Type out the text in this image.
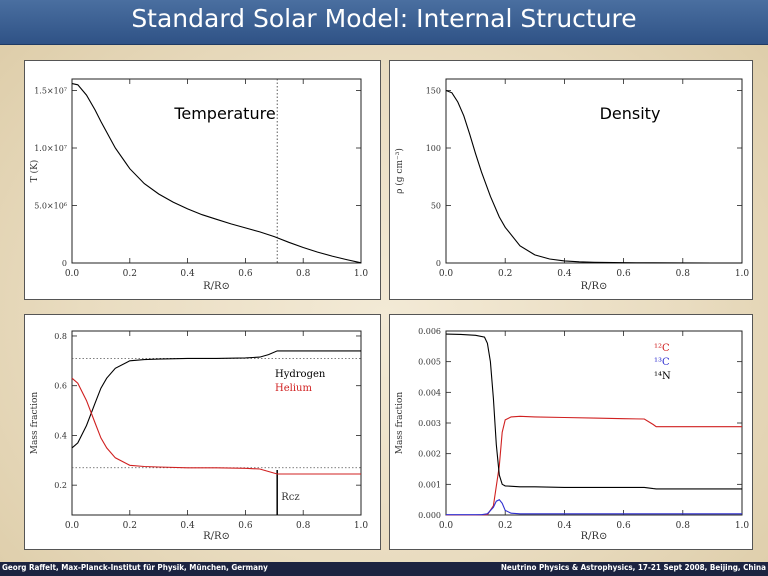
Standard Solar Model: Internal Structure
0.0	0.2	0.4	0.6	0.8	1.0
0
5.0×10⁶
1.0×10⁷
1.5×10⁷
R/R⊙
T (K)
Temperature
0.0	0.2	0.4	0.6	0.8	1.0
0
50
100
150
R/R⊙
ρ (g cm⁻³)
Density
0.0	0.2	0.4	0.6	0.8	1.0
0.2
0.4
0.6
0.8
R/R⊙
Mass fraction
Rcz
Hydrogen
Helium
0.0	0.2	0.4	0.6	0.8	1.0
0.000
0.001
0.002
0.003
0.004
0.005
0.006
R/R⊙
Mass fraction
¹²C
¹³C
¹⁴N
Georg Raffelt, Max-Planck-Institut für Physik, München, Germany	Neutrino Physics & Astrophysics, 17-21 Sept 2008, Beijing, China
